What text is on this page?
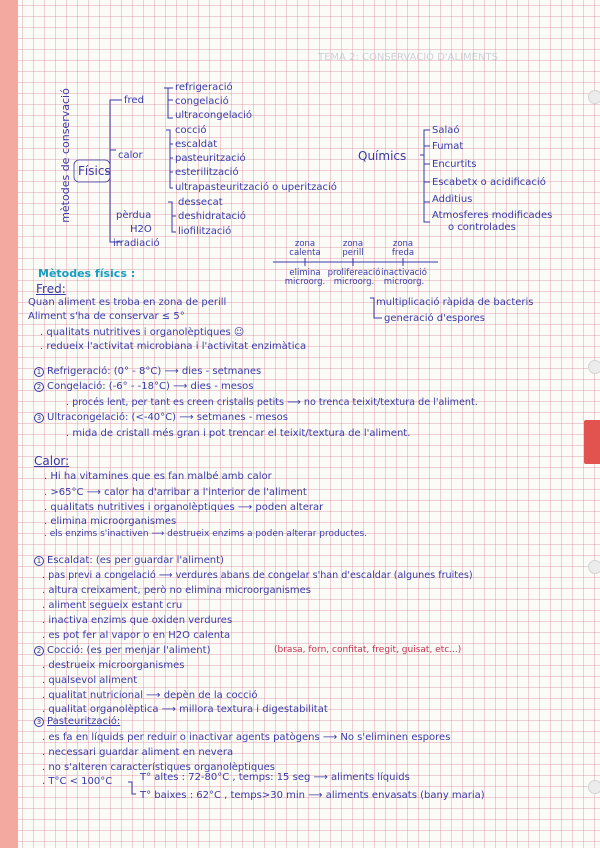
TEMA 2: CONSERVACIÓ D'ALIMENTS
mètodes de conservació Físics
fred
refrigeració
congelació
ultracongelació
calor
cocció
escaldat
pasteurització
esterilització
ultrapasteurització o uperització
pèrdua
H2O
dessecat
deshidratació
liofilització
irradiació
Químics
Salaó
Fumat
Encurtits
Escabetx o acidificació
Additius
Atmosferes modificades
o controlades
zona
calenta
zona
perill
zona
freda
elimina
microorg.
prolifereació
microorg.
inactivació
microorg.
Mètodes físics :
Fred:
Quan aliment es troba en zona de perill
Aliment s'ha de conservar ≤ 5°
. qualitats nutritives i organolèptiques ☺
. redueix l'activitat microbiana i l'activitat enzimàtica
multiplicació ràpida de bacteris
generació d'espores
1 Refrigeració: (0° - 8°C) ⟶ dies - setmanes
2 Congelació: (-6° - -18°C) ⟶ dies - mesos
. procés lent, per tant es creen cristalls petits ⟶ no trenca teixit/textura de l'aliment.
3 Ultracongelació: (<-40°C) ⟶ setmanes - mesos
. mida de cristall més gran i pot trencar el teixit/textura de l'aliment.
Calor:
. Hi ha vitamines que es fan malbé amb calor
. >65°C ⟶ calor ha d'arribar a l'interior de l'aliment
. qualitats nutritives i organolèptiques ⟶ poden alterar
. elimina microorganismes
. els enzims s'inactiven ⟶ destrueix enzims a poden alterar productes.
1 Escaldat: (es per guardar l'aliment)
. pas previ a congelació ⟶ verdures abans de congelar s'han d'escaldar (algunes fruites)
. altura creixament, però no elimina microorganismes
. aliment segueix estant cru
. inactiva enzims que oxiden verdures
. es pot fer al vapor o en H2O calenta
2 Cocció: (es per menjar l'aliment)	(brasa, forn, confitat, fregit, guisat, etc...)
. destrueix microorganismes
. qualsevol aliment
. qualitat nutricional ⟶ depèn de la cocció
. qualitat organolèptica ⟶ millora textura i digestabilitat
3 Pasteurització:
. es fa en líquids per reduir o inactivar agents patògens ⟶ No s'eliminen espores
. necessari guardar aliment en nevera
. no s'alteren característiques organolèptiques
. T°C < 100°C	T° altes : 72-80°C , temps: 15 seg ⟶ aliments líquids
T° baixes : 62°C , temps>30 min ⟶ aliments envasats (bany maria)
